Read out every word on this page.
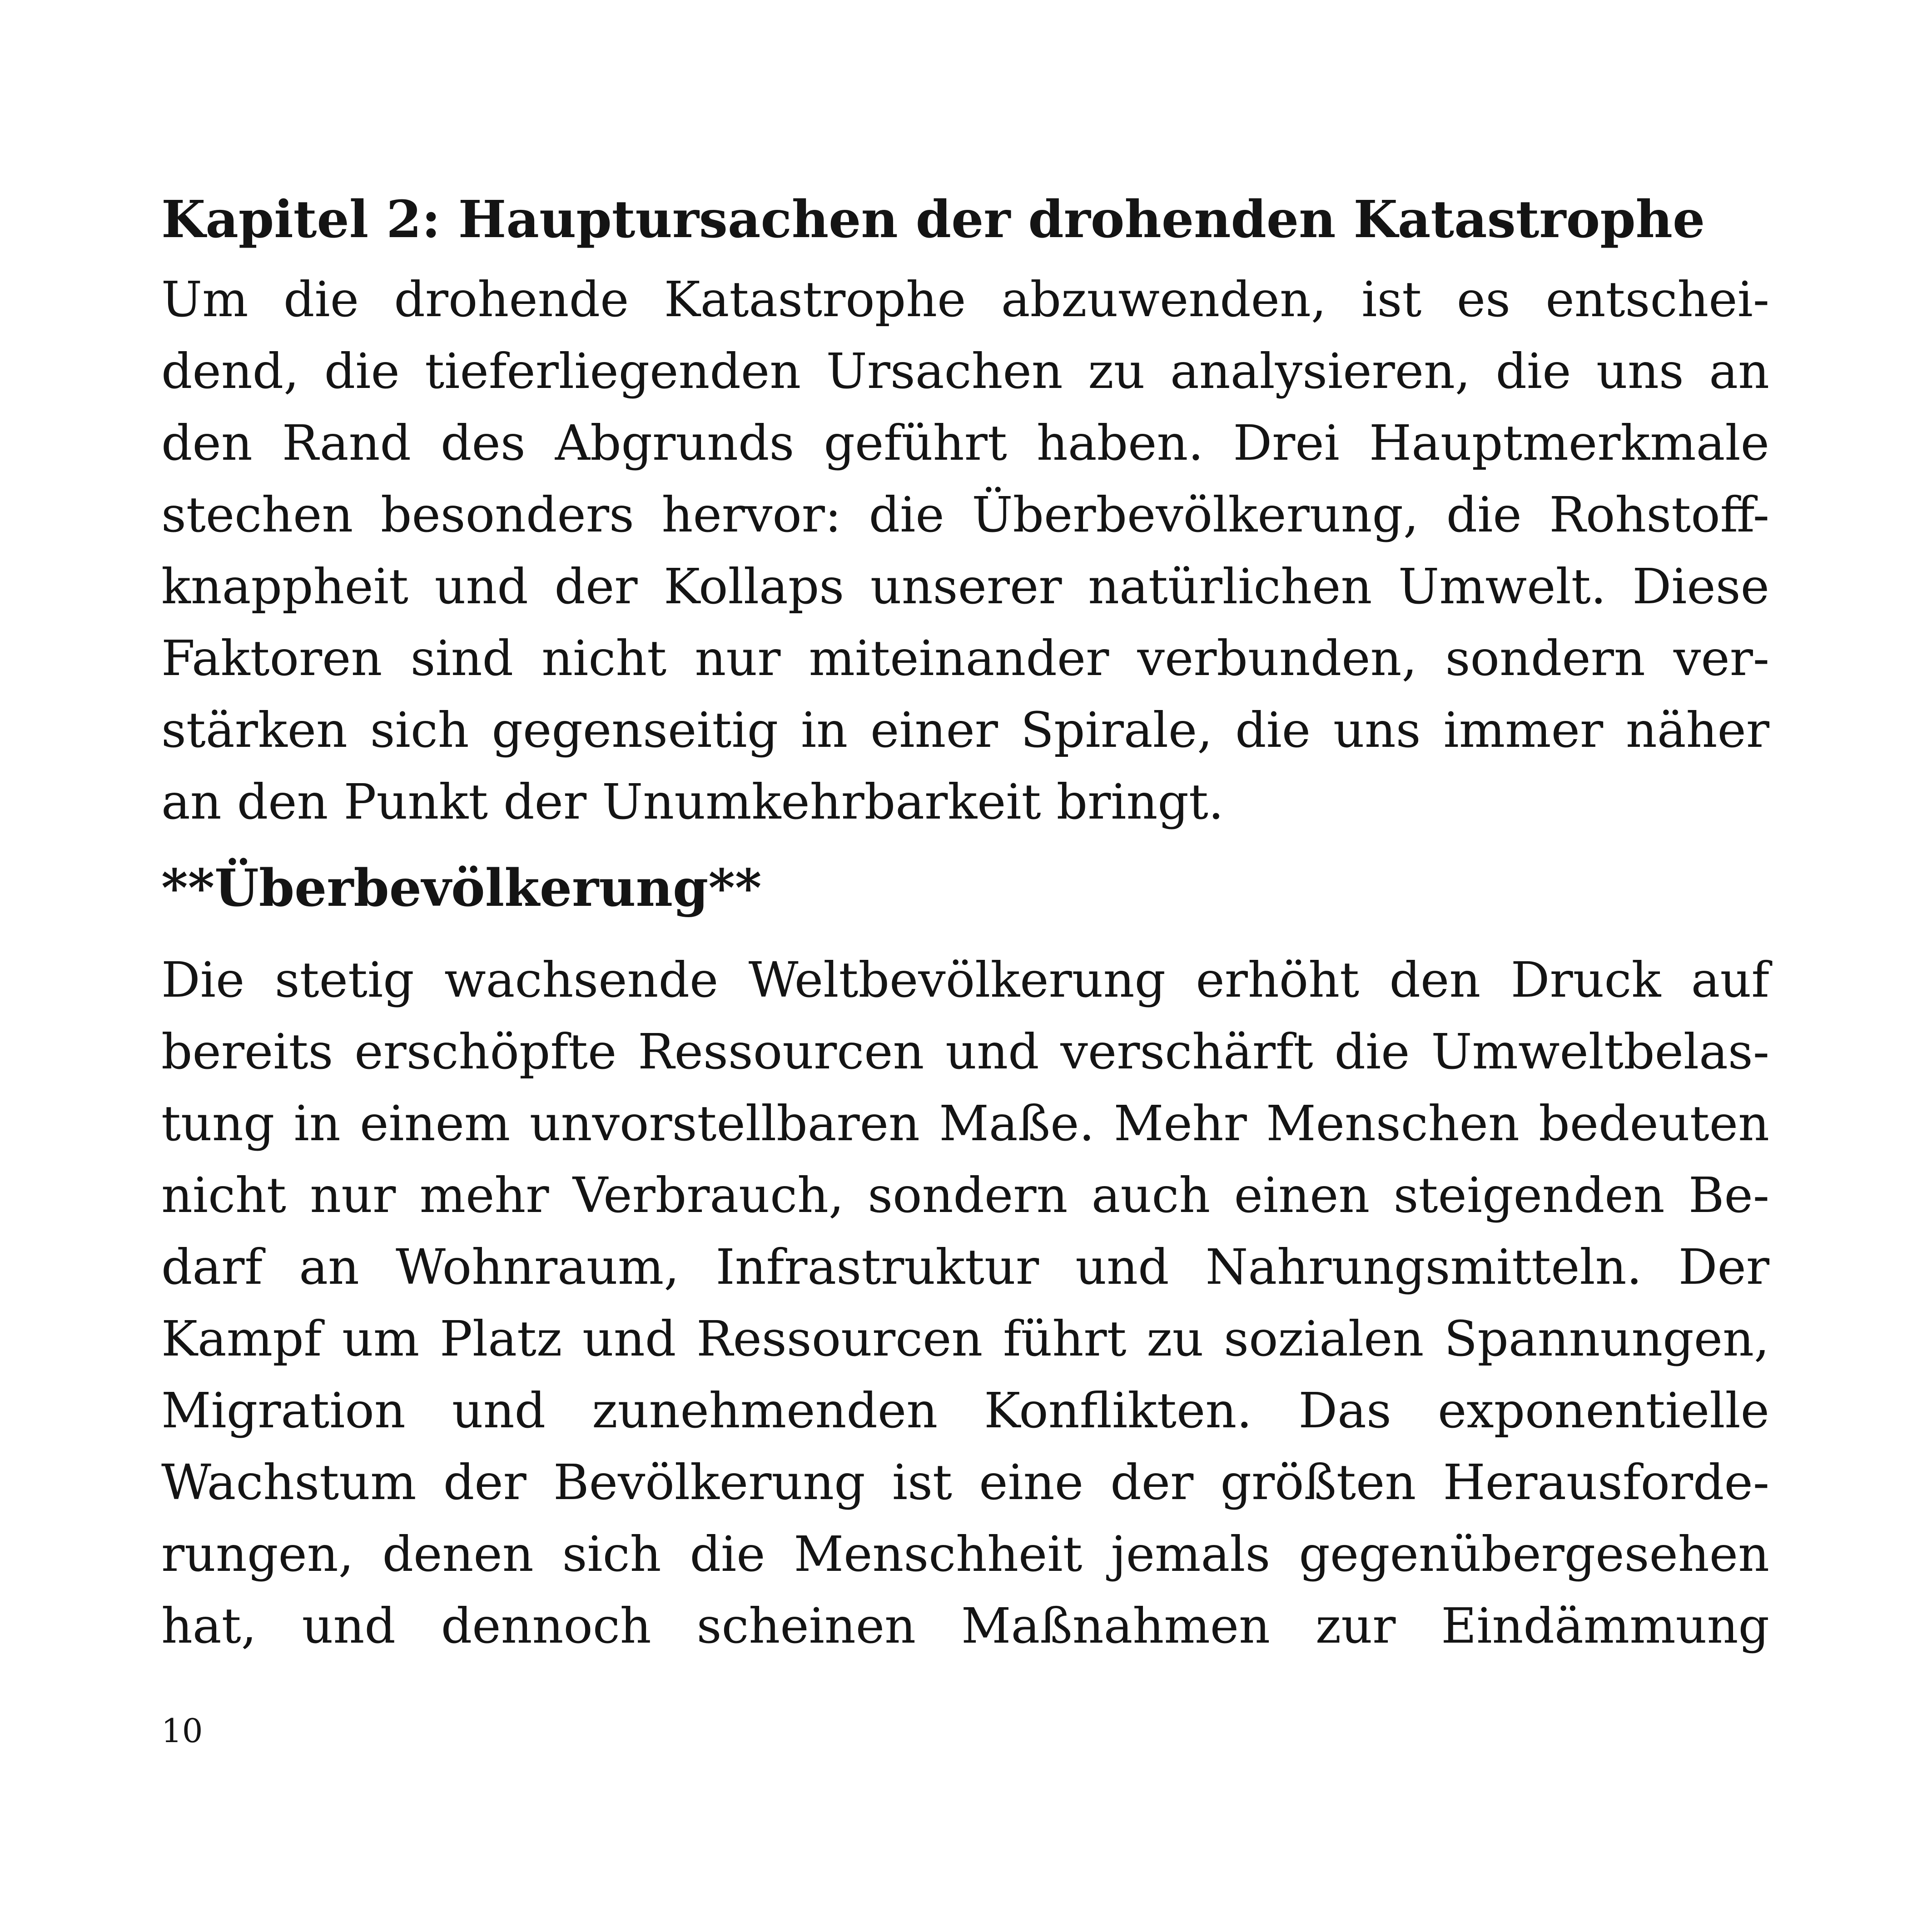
Kapitel 2: Hauptursachen der drohenden Katastrophe
Um die drohende Katastrophe abzuwenden, ist es entschei-
dend, die tieferliegenden Ursachen zu analysieren, die uns an
den Rand des Abgrunds geführt haben. Drei Hauptmerkmale
stechen besonders hervor: die Überbevölkerung, die Rohstoff-
knappheit und der Kollaps unserer natürlichen Umwelt. Diese
Faktoren sind nicht nur miteinander verbunden, sondern ver-
stärken sich gegenseitig in einer Spirale, die uns immer näher
an den Punkt der Unumkehrbarkeit bringt.
**Überbevölkerung**
Die stetig wachsende Weltbevölkerung erhöht den Druck auf
bereits erschöpfte Ressourcen und verschärft die Umweltbelas-
tung in einem unvorstellbaren Maße. Mehr Menschen bedeuten
nicht nur mehr Verbrauch, sondern auch einen steigenden Be-
darf an Wohnraum, Infrastruktur und Nahrungsmitteln. Der
Kampf um Platz und Ressourcen führt zu sozialen Spannungen,
Migration und zunehmenden Konflikten. Das exponentielle
Wachstum der Bevölkerung ist eine der größten Herausforde-
rungen, denen sich die Menschheit jemals gegenübergesehen
hat, und dennoch scheinen Maßnahmen zur Eindämmung
10
